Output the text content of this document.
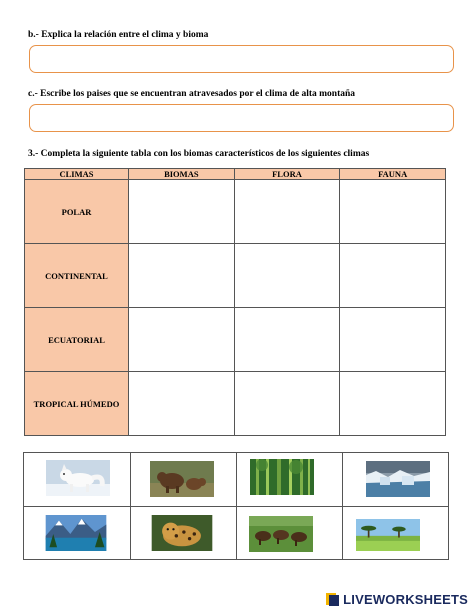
b.- Explica la relación entre el clima y bioma
c.- Escribe los paises que se encuentran atravesados por el clima de alta montaña
3.- Completa la siguiente tabla con los biomas característicos de los siguientes climas
CLIMAS	BIOMAS	FLORA	FAUNA
POLAR			
CONTINENTAL			
ECUATORIAL			
TROPICAL HÚMEDO			
LIVEWORKSHEETS
